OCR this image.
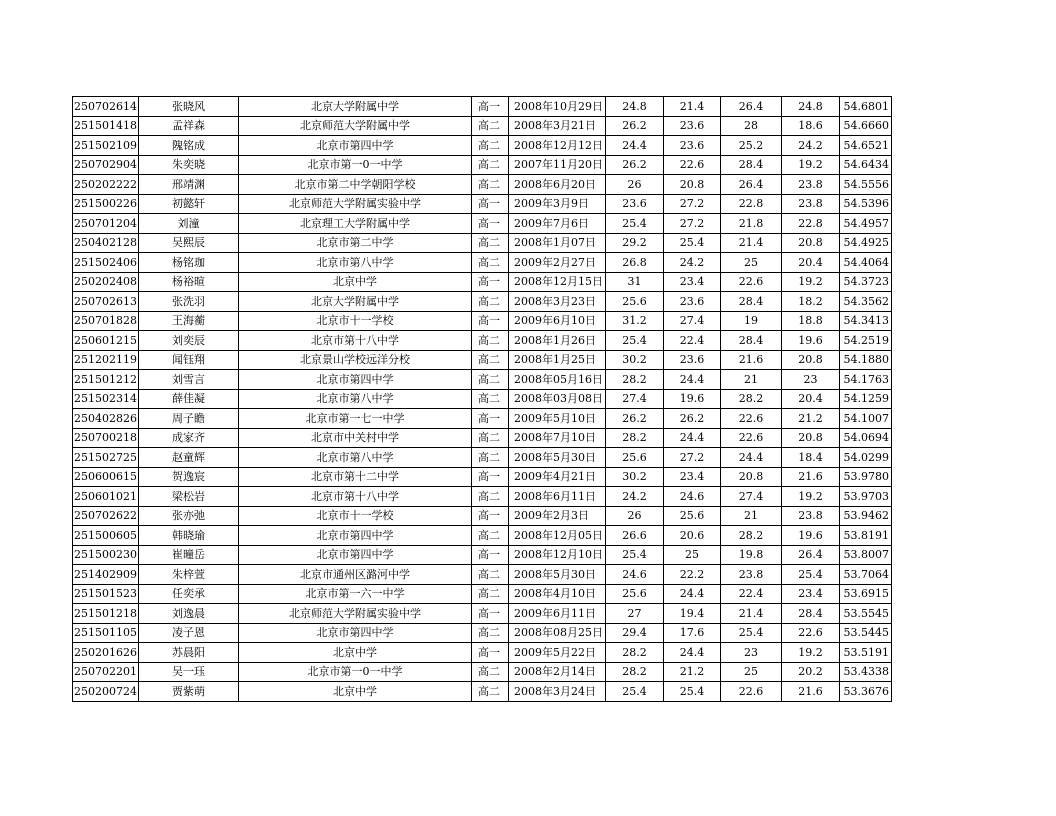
250702614	张晓风	北京大学附属中学	高一	2008年10月29日	24.8	21.4	26.4	24.8	54.6801
251501418	孟祥森	北京师范大学附属中学	高二	2008年3月21日	26.2	23.6	28	18.6	54.6660
251502109	隗铭成	北京市第四中学	高二	2008年12月12日	24.4	23.6	25.2	24.2	54.6521
250702904	朱奕晓	北京市第一0一中学	高二	2007年11月20日	26.2	22.6	28.4	19.2	54.6434
250202222	邢靖渊	北京市第二中学朝阳学校	高二	2008年6月20日	26	20.8	26.4	23.8	54.5556
251500226	初懿轩	北京师范大学附属实验中学	高一	2009年3月9日	23.6	27.2	22.8	23.8	54.5396
250701204	刘潼	北京理工大学附属中学	高一	2009年7月6日	25.4	27.2	21.8	22.8	54.4957
250402128	吴熙辰	北京市第二中学	高二	2008年1月07日	29.2	25.4	21.4	20.8	54.4925
251502406	杨铭珈	北京市第八中学	高二	2009年2月27日	26.8	24.2	25	20.4	54.4064
250202408	杨裕暄	北京中学	高一	2008年12月15日	31	23.4	22.6	19.2	54.3723
250702613	张洗羽	北京大学附属中学	高二	2008年3月23日	25.6	23.6	28.4	18.2	54.3562
250701828	王海蘅	北京市十一学校	高一	2009年6月10日	31.2	27.4	19	18.8	54.3413
250601215	刘奕辰	北京市第十八中学	高二	2008年1月26日	25.4	22.4	28.4	19.6	54.2519
251202119	闻钰翔	北京景山学校远洋分校	高二	2008年1月25日	30.2	23.6	21.6	20.8	54.1880
251501212	刘雪言	北京市第四中学	高二	2008年05月16日	28.2	24.4	21	23	54.1763
251502314	薛佳凝	北京市第八中学	高二	2008年03月08日	27.4	19.6	28.2	20.4	54.1259
250402826	周子瞻	北京市第一七一中学	高一	2009年5月10日	26.2	26.2	22.6	21.2	54.1007
250700218	成家齐	北京市中关村中学	高二	2008年7月10日	28.2	24.4	22.6	20.8	54.0694
251502725	赵童辉	北京市第八中学	高二	2008年5月30日	25.6	27.2	24.4	18.4	54.0299
250600615	贺逸宸	北京市第十二中学	高一	2009年4月21日	30.2	23.4	20.8	21.6	53.9780
250601021	梁松岩	北京市第十八中学	高二	2008年6月11日	24.2	24.6	27.4	19.2	53.9703
250702622	张亦弛	北京市十一学校	高一	2009年2月3日	26	25.6	21	23.8	53.9462
251500605	韩晓瑜	北京市第四中学	高二	2008年12月05日	26.6	20.6	28.2	19.6	53.8191
251500230	崔曈岳	北京市第四中学	高一	2008年12月10日	25.4	25	19.8	26.4	53.8007
251402909	朱梓萱	北京市通州区潞河中学	高二	2008年5月30日	24.6	22.2	23.8	25.4	53.7064
251501523	任奕承	北京市第一六一中学	高二	2008年4月10日	25.6	24.4	22.4	23.4	53.6915
251501218	刘逸晨	北京师范大学附属实验中学	高一	2009年6月11日	27	19.4	21.4	28.4	53.5545
251501105	凌子恩	北京市第四中学	高二	2008年08月25日	29.4	17.6	25.4	22.6	53.5445
250201626	苏晨阳	北京中学	高一	2009年5月22日	28.2	24.4	23	19.2	53.5191
250702201	吴一珏	北京市第一0一中学	高二	2008年2月14日	28.2	21.2	25	20.2	53.4338
250200724	贾紫萌	北京中学	高二	2008年3月24日	25.4	25.4	22.6	21.6	53.3676
